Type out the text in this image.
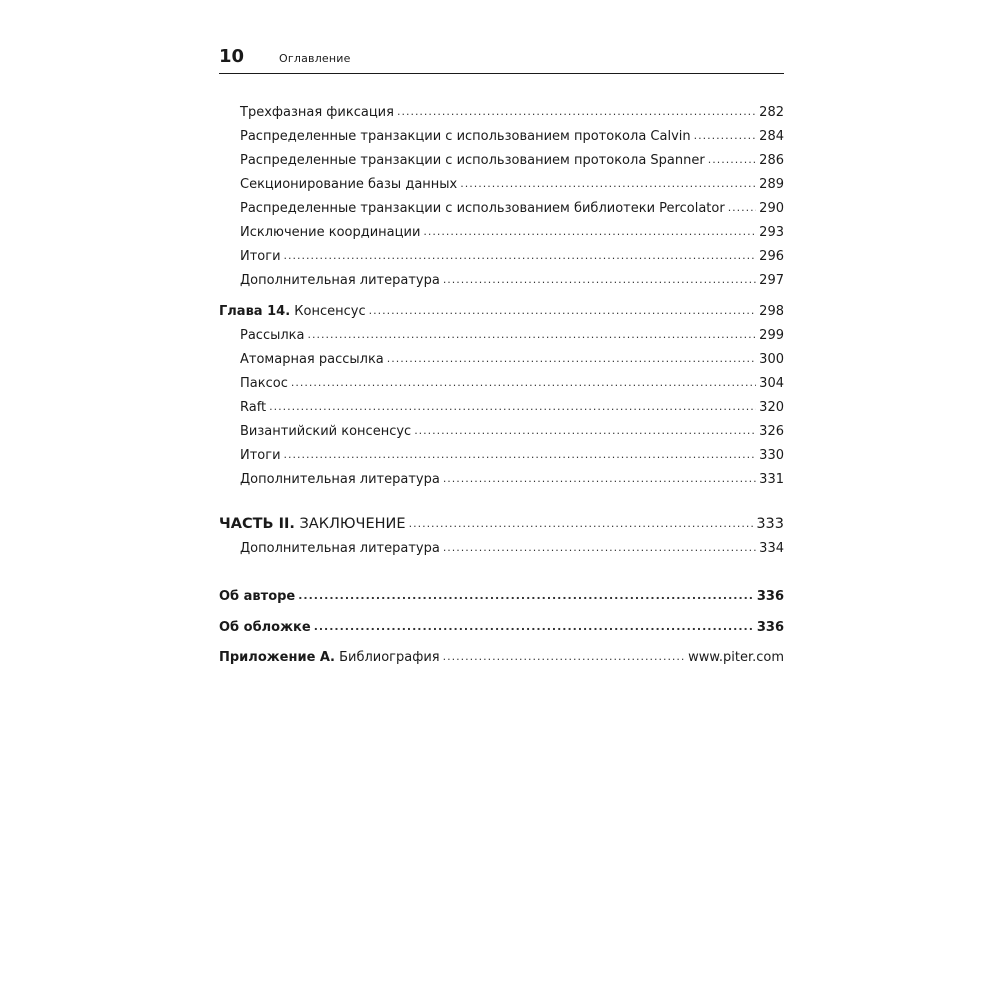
10	Оглавление
Трехфазная фиксация .....	282
Распределенные транзакции с использованием протокола Calvin .....	284
Распределенные транзакции с использованием протокола Spanner .....	286
Секционирование базы данных .....	289
Распределенные транзакции с использованием библиотеки Percolator .....	290
Исключение координации .....	293
Итоги .....	296
Дополнительная литература .....	297
Глава 14. Консенсус .....	298
Рассылка .....	299
Атомарная рассылка .....	300
Паксос .....	304
Raft .....	320
Византийский консенсус .....	326
Итоги .....	330
Дополнительная литература .....	331
ЧАСТЬ II. ЗАКЛЮЧЕНИЕ .....	333
Дополнительная литература .....	334
Об авторе .....	336
Об обложке .....	336
Приложение А. Библиография .....	www.piter.com
